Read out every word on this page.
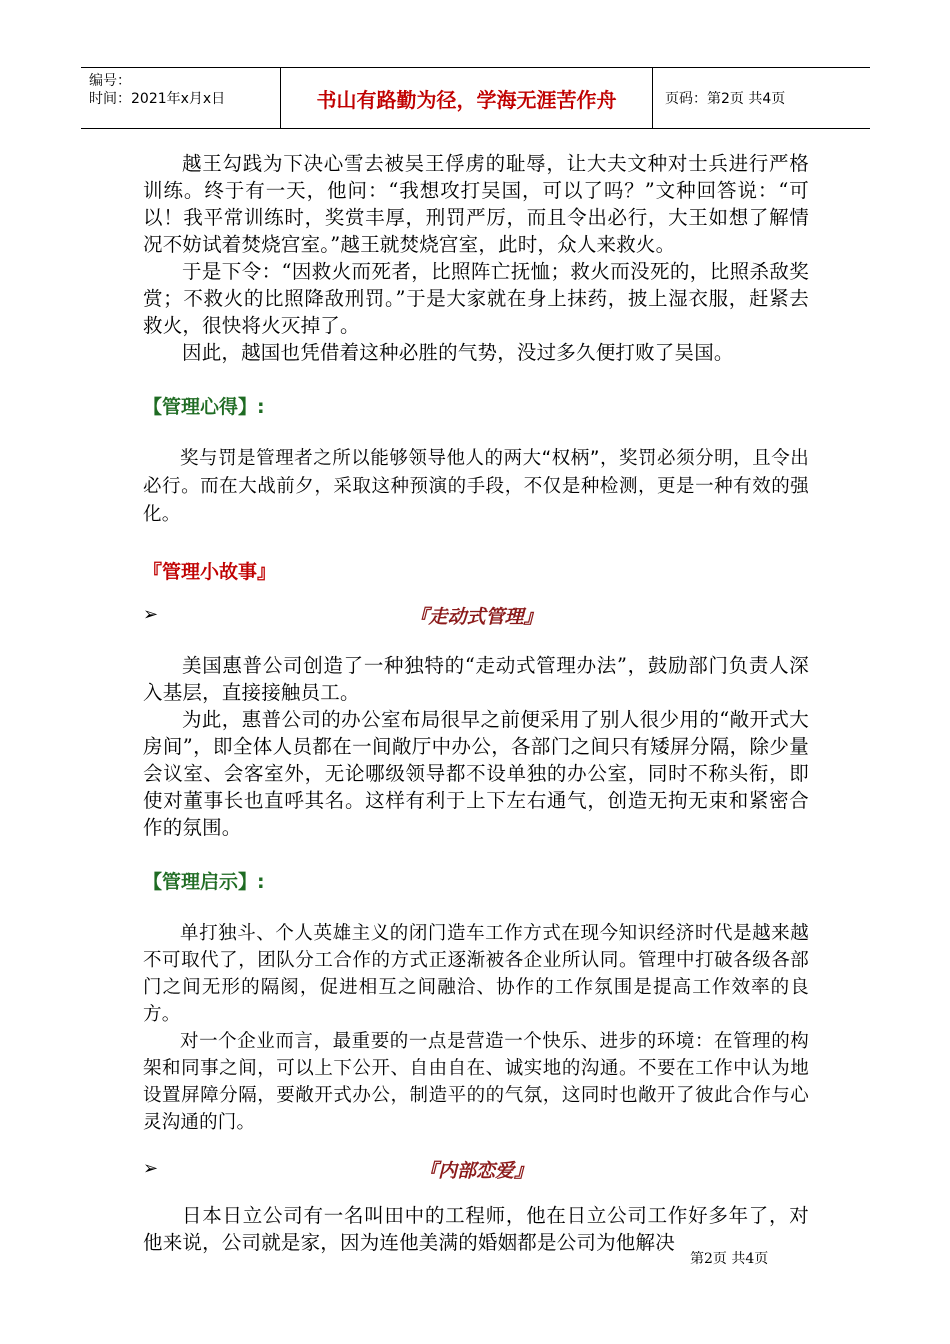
编号：
时间：2021年x月x日	书山有路勤为径，学海无涯苦作舟	页码：第2页 共4页

越王勾践为下决心雪去被吴王俘虏的耻辱，让大夫文种对士兵进行严格训练。终于有一天，他问：“我想攻打吴国，可以了吗？”文种回答说：“可以！我平常训练时，奖赏丰厚，刑罚严厉，而且令出必行，大王如想了解情况不妨试着焚烧宫室。”越王就焚烧宫室，此时，众人来救火。

于是下令：“因救火而死者，比照阵亡抚恤；救火而没死的，比照杀敌奖赏；不救火的比照降敌刑罚。”于是大家就在身上抹药，披上湿衣服，赶紧去救火，很快将火灭掉了。

因此，越国也凭借着这种必胜的气势，没过多久便打败了吴国。

【管理心得】:

奖与罚是管理者之所以能够领导他人的两大“权柄”，奖罚必须分明，且令出必行。而在大战前夕，采取这种预演的手段，不仅是种检测，更是一种有效的强化。

『管理小故事』
➢	『走动式管理』

美国惠普公司创造了一种独特的“走动式管理办法”，鼓励部门负责人深入基层，直接接触员工。

为此，惠普公司的办公室布局很早之前便采用了别人很少用的“敞开式大房间”，即全体人员都在一间敞厅中办公，各部门之间只有矮屏分隔，除少量会议室、会客室外，无论哪级领导都不设单独的办公室，同时不称头衔，即使对董事长也直呼其名。这样有利于上下左右通气，创造无拘无束和紧密合作的氛围。

【管理启示】:

单打独斗、个人英雄主义的闭门造车工作方式在现今知识经济时代是越来越不可取代了，团队分工合作的方式正逐渐被各企业所认同。管理中打破各级各部门之间无形的隔阂，促进相互之间融洽、协作的工作氛围是提高工作效率的良方。

对一个企业而言，最重要的一点是营造一个快乐、进步的环境：在管理的构架和同事之间，可以上下公开、自由自在、诚实地的沟通。不要在工作中认为地设置屏障分隔，要敞开式办公，制造平的的气氛，这同时也敞开了彼此合作与心灵沟通的门。

➢	『内部恋爱』

日本日立公司有一名叫田中的工程师，他在日立公司工作好多年了，对他来说，公司就是家，因为连他美满的婚姻都是公司为他解决

第2页 共4页
